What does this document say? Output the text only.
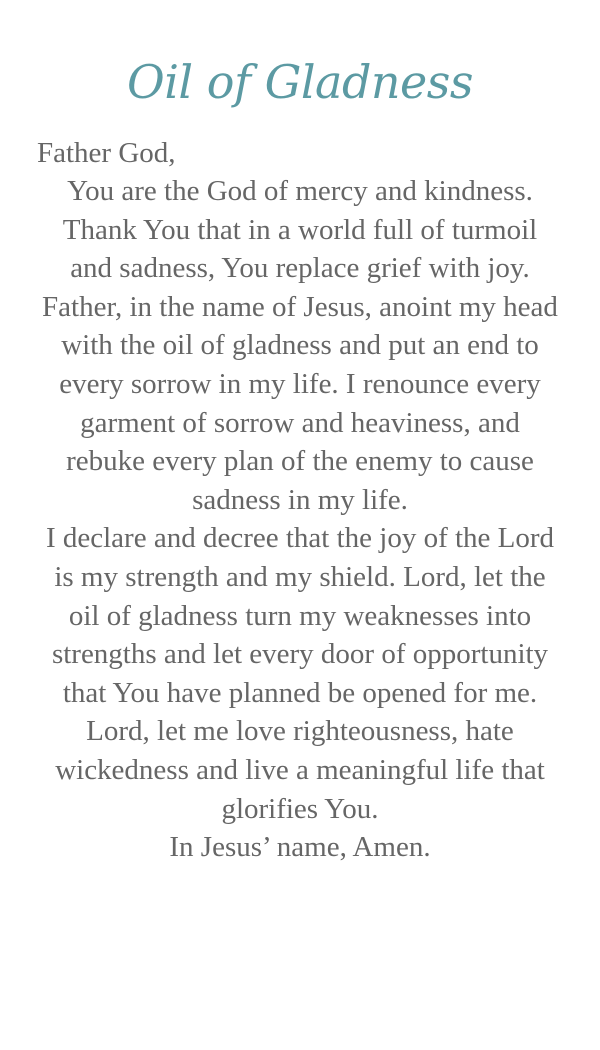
Oil of Gladness
Father God,

You are the God of mercy and kindness. Thank You that in a world full of turmoil and sadness, You replace grief with joy. Father, in the name of Jesus, anoint my head with the oil of gladness and put an end to every sorrow in my life. I renounce every garment of sorrow and heaviness, and rebuke every plan of the enemy to cause sadness in my life.

I declare and decree that the joy of the Lord is my strength and my shield. Lord, let the oil of gladness turn my weaknesses into strengths and let every door of opportunity that You have planned be opened for me. Lord, let me love righteousness, hate wickedness and live a meaningful life that glorifies You.

In Jesus’ name, Amen.
